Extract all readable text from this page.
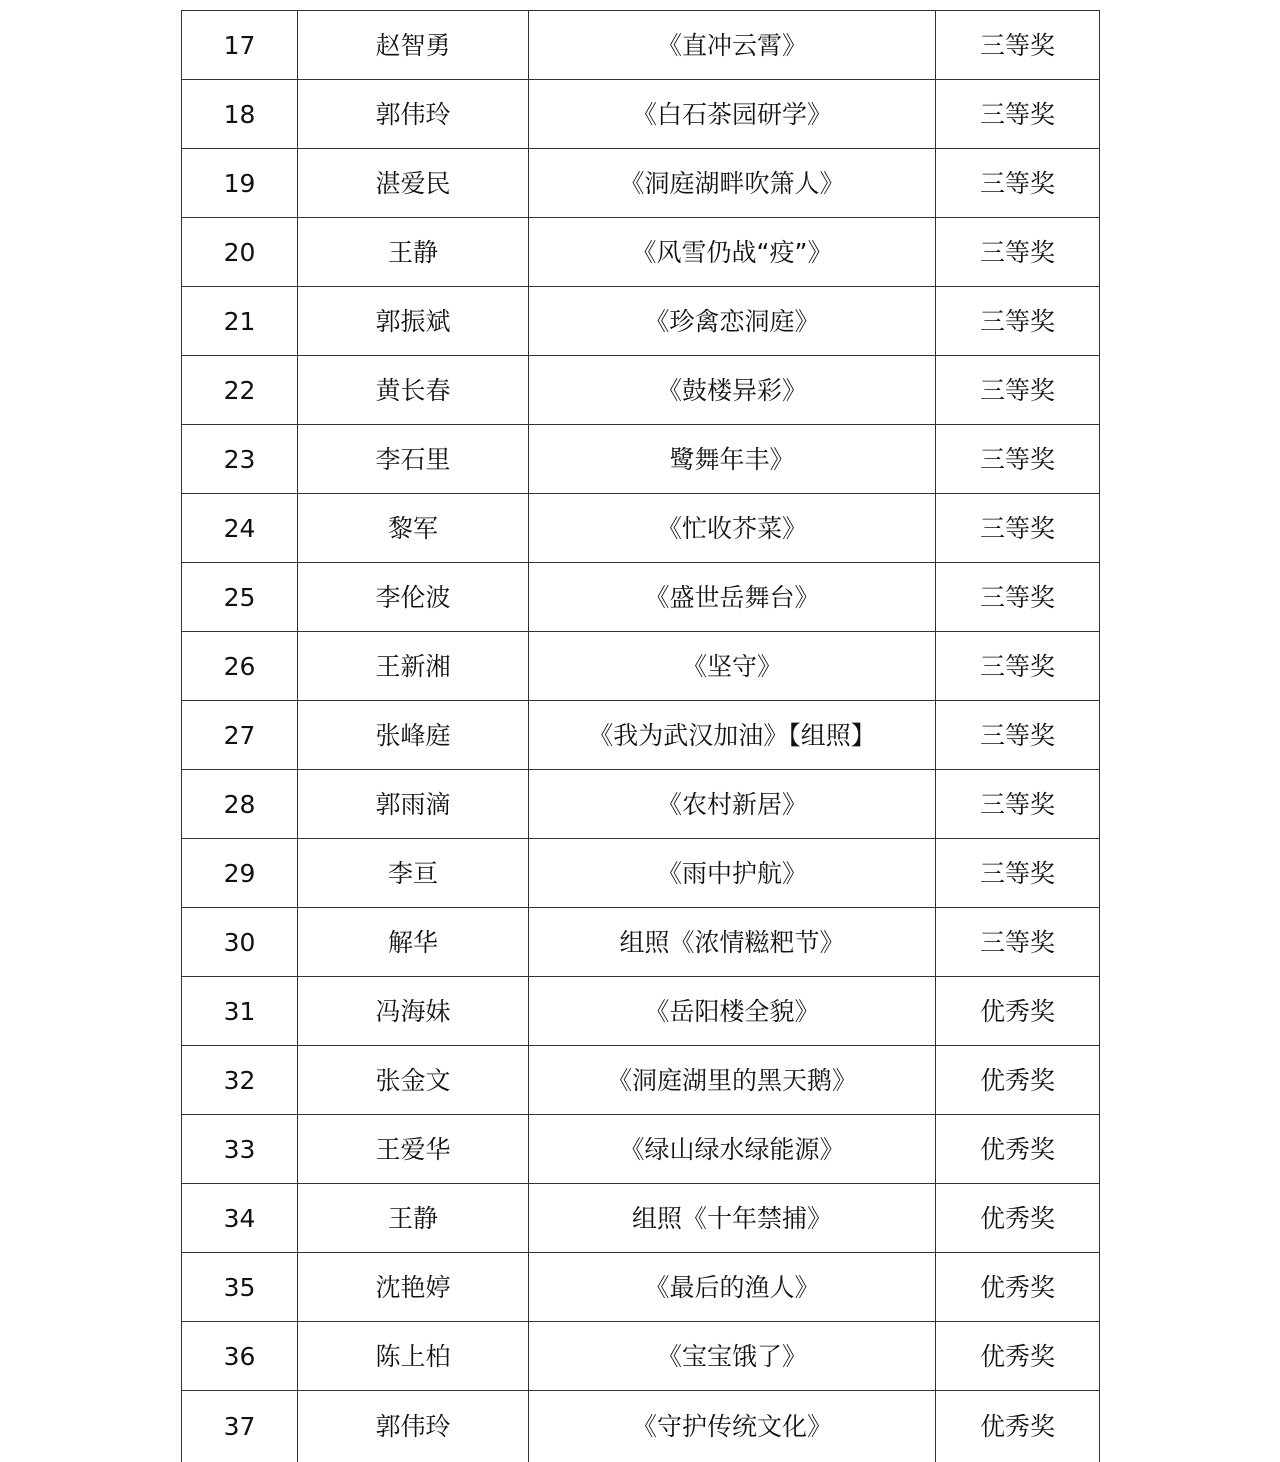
17	赵智勇	《直冲云霄》	三等奖
18	郭伟玲	《白石茶园研学》	三等奖
19	湛爱民	《洞庭湖畔吹箫人》	三等奖
20	王静	《风雪仍战“疫”》	三等奖
21	郭振斌	《珍禽恋洞庭》	三等奖
22	黄长春	《鼓楼异彩》	三等奖
23	李石里	鹭舞年丰》	三等奖
24	黎军	《忙收芥菜》	三等奖
25	李伦波	《盛世岳舞台》	三等奖
26	王新湘	《坚守》	三等奖
27	张峰庭	《我为武汉加油》【组照】	三等奖
28	郭雨滴	《农村新居》	三等奖
29	李亘	《雨中护航》	三等奖
30	解华	组照《浓情糍粑节》	三等奖
31	冯海妹	《岳阳楼全貌》	优秀奖
32	张金文	《洞庭湖里的黑天鹅》	优秀奖
33	王爱华	《绿山绿水绿能源》	优秀奖
34	王静	组照《十年禁捕》	优秀奖
35	沈艳婷	《最后的渔人》	优秀奖
36	陈上柏	《宝宝饿了》	优秀奖
37	郭伟玲	《守护传统文化》	优秀奖
